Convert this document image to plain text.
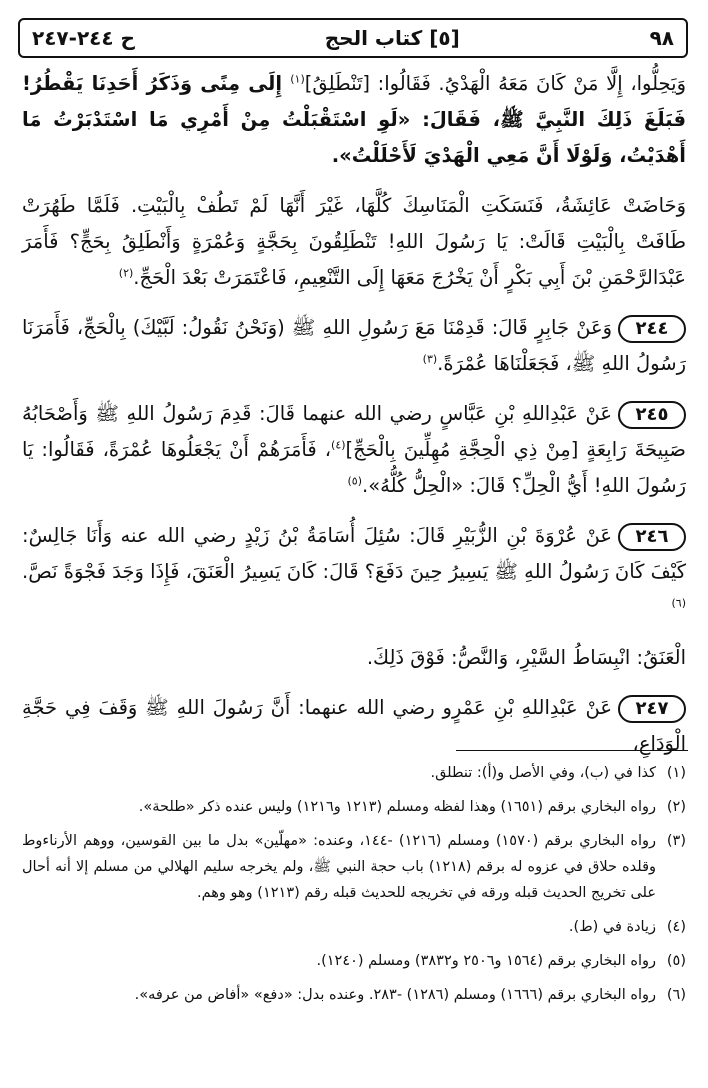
٩٨
[٥] كتاب الحج
ح ٢٤٤-٢٤٧

وَيَحِلُّوا، إِلَّا مَنْ كَانَ مَعَهُ الْهَدْيُ. فَقَالُوا: [تَنْطَلِقُ]$^{(١)}$ إِلَى مِنًى وَذَكَرُ أَحَدِنَا يَقْطُرُ! فَبَلَغَ ذَلِكَ النَّبِيَّ ﷺ، فَقَالَ: «لَوِ اسْتَقْبَلْتُ مِنْ أَمْرِي مَا اسْتَدْبَرْتُ مَا أَهْدَيْتُ، وَلَوْلَا أَنَّ مَعِي الْهَدْيَ لَأَحْلَلْتُ».

وَحَاضَتْ عَائِشَةُ، فَنَسَكَتِ الْمَنَاسِكَ كُلَّهَا، غَيْرَ أَنَّهَا لَمْ تَطُفْ بِالْبَيْتِ. فَلَمَّا طَهُرَتْ طَافَتْ بِالْبَيْتِ قَالَتْ: يَا رَسُولَ اللهِ! تَنْطَلِقُونَ بِحَجَّةٍ وَعُمْرَةٍ وَأَنْطَلِقُ بِحَجٍّ؟ فَأَمَرَ عَبْدَالرَّحْمَنِ بْنَ أَبِي بَكْرٍ أَنْ يَخْرُجَ مَعَهَا إِلَى التَّنْعِيمِ، فَاعْتَمَرَتْ بَعْدَ الْحَجِّ.$^{(٢)}$

٢٤٤وَعَنْ جَابِرٍ قَالَ: قَدِمْنَا مَعَ رَسُولِ اللهِ ﷺ (وَنَحْنُ نَقُولُ: لَبَّيْكَ) بِالْحَجِّ، فَأَمَرَنَا رَسُولُ اللهِ ﷺ، فَجَعَلْنَاهَا عُمْرَةً.$^{(٣)}$

٢٤٥عَنْ عَبْدِاللهِ بْنِ عَبَّاسٍ رضي الله عنهما قَالَ: قَدِمَ رَسُولُ اللهِ ﷺ وَأَصْحَابُهُ صَبِيحَةَ رَابِعَةٍ [مِنْ ذِي الْحِجَّةِ مُهِلِّينَ بِالْحَجِّ]$^{(٤)}$، فَأَمَرَهُمْ أَنْ يَجْعَلُوهَا عُمْرَةً، فَقَالُوا: يَا رَسُولَ اللهِ! أَيُّ الْحِلِّ؟ قَالَ: «الْحِلُّ كُلُّهُ».$^{(٥)}$

٢٤٦عَنْ عُرْوَةَ بْنِ الزُّبَيْرِ قَالَ: سُئِلَ أُسَامَةُ بْنُ زَيْدٍ رضي الله عنه وَأَنَا جَالِسٌ: كَيْفَ كَانَ رَسُولُ اللهِ ﷺ يَسِيرُ حِينَ دَفَعَ؟ قَالَ: كَانَ يَسِيرُ الْعَنَقَ، فَإِذَا وَجَدَ فَجْوَةً نَصَّ.$^{(٦)}$

الْعَنَقُ: انْبِسَاطُ السَّيْرِ، وَالنَّصُّ: فَوْقَ ذَلِكَ.

٢٤٧عَنْ عَبْدِاللهِ بْنِ عَمْرٍو رضي الله عنهما: أَنَّ رَسُولَ اللهِ ﷺ وَقَفَ فِي حَجَّةِ الْوَدَاعِ،

(١)
كذا في (ب)، وفي الأصل و(أ): تنطلق.
(٢)
رواه البخاري برقم (١٦٥١) وهذا لفظه ومسلم (١٢١٣ و١٢١٦) وليس عنده ذكر «طلحة».
(٣)
رواه البخاري برقم (١٥٧٠) ومسلم (١٢١٦) -١٤٤، وعنده: «مهلّين» بدل ما بين القوسين، ووهم الأرناءوط وقلده حلاق في عزوه له برقم (١٢١٨) باب حجة النبي ﷺ، ولم يخرجه سليم الهلالي من مسلم إلا أنه أحال على تخريج الحديث قبله ورقه في تخريجه للحديث قبله رقم (١٢١٣) وهو وهم.
(٤)
زيادة في (ط).
(٥)
رواه البخاري برقم (١٥٦٤ و٢٥٠٦ و٣٨٣٢) ومسلم (١٢٤٠).
(٦)
رواه البخاري برقم (١٦٦٦) ومسلم (١٢٨٦) -٢٨٣. وعنده بدل: «دفع» «أفاض من عرفه».
